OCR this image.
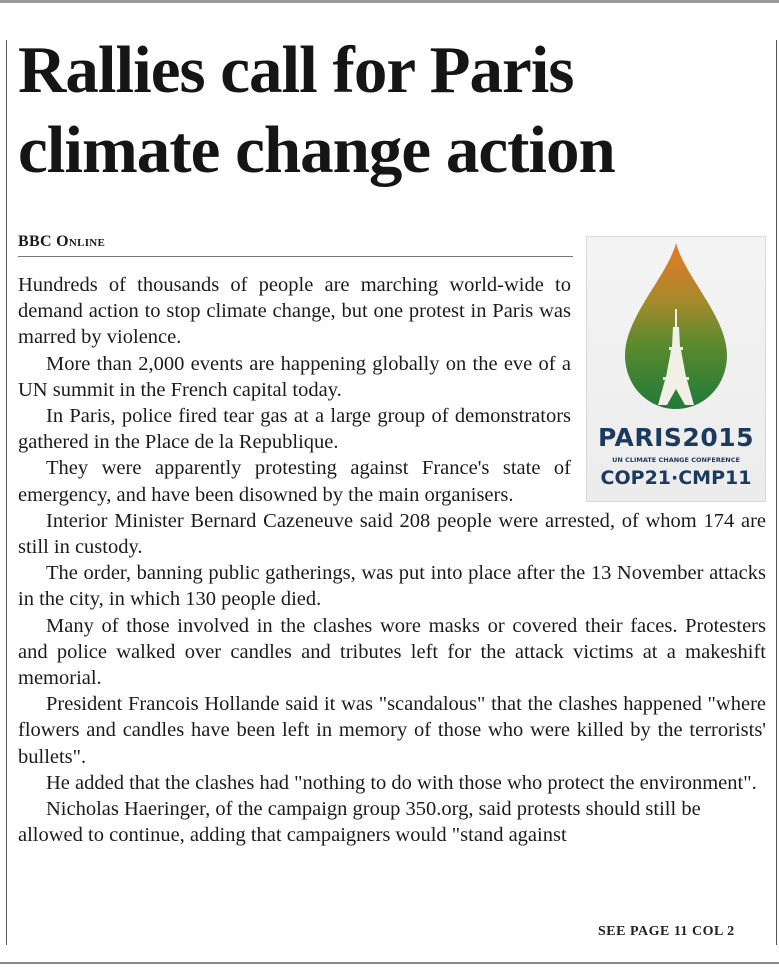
Rallies call for Paris
climate change action
BBC Online
PARIS2015
UN CLIMATE CHANGE CONFERENCE
COP21·CMP11

Hundreds of thousands of people are marching world-wide to demand action to stop climate change, but one protest in Paris was marred by violence.

More than 2,000 events are happening globally on the eve of a UN summit in the French capital today.

In Paris, police fired tear gas at a large group of demonstrators gathered in the Place de la Republique.

They were apparently protesting against France's state of emergency, and have been disowned by the main organisers.

Interior Minister Bernard Cazeneuve said 208 people were arrested, of whom 174 are still in custody.

The order, banning public gatherings, was put into place after the 13 November attacks in the city, in which 130 people died.

Many of those involved in the clashes wore masks or covered their faces. Protesters and police walked over candles and tributes left for the attack victims at a makeshift memorial.

President Francois Hollande said it was "scandalous" that the clashes happened "where flowers and candles have been left in memory of those who were killed by the terrorists' bullets".

He added that the clashes had "nothing to do with those who protect the environment".

Nicholas Haeringer, of the campaign group 350.org, said protests should still be allowed to continue, adding that campaigners would "stand against

SEE PAGE 11 COL 2
